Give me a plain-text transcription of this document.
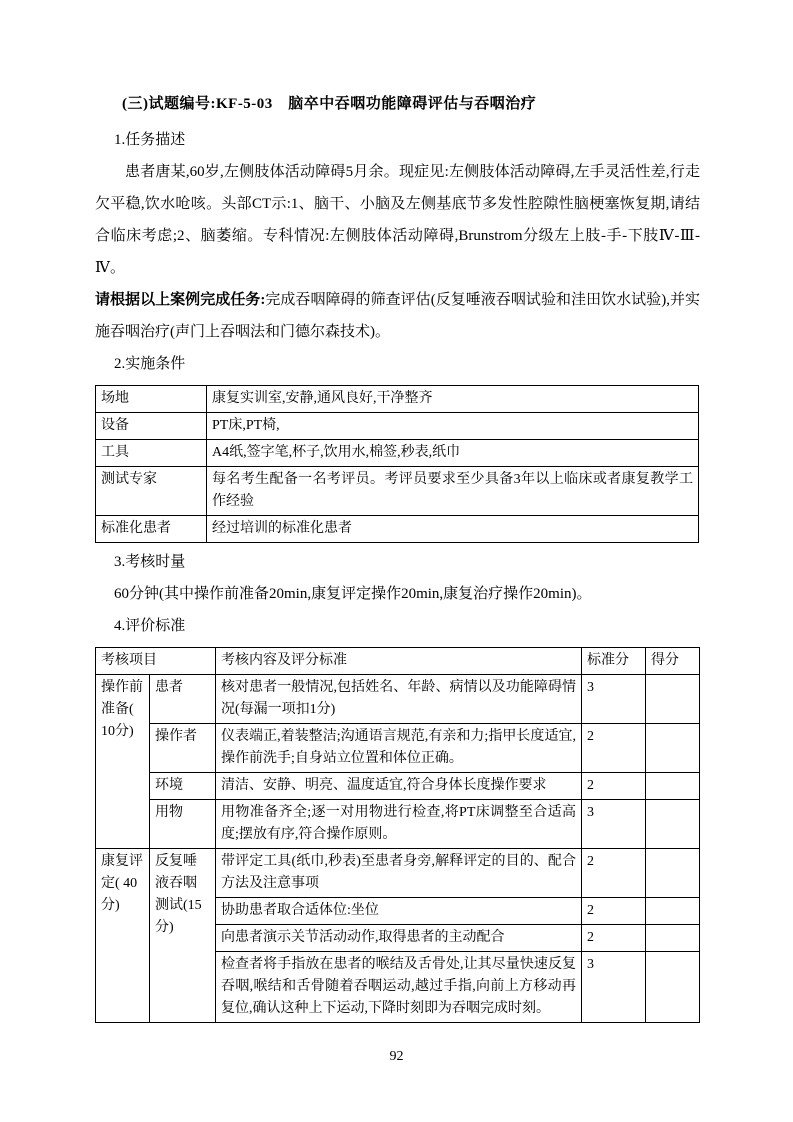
(三)试题编号:KF-5-03　脑卒中吞咽功能障碍评估与吞咽治疗
1.任务描述

患者唐某,60岁,左侧肢体活动障碍5月余。现症见:左侧肢体活动障碍,左手灵活性差,行走欠平稳,饮水呛咳。头部CT示:1、脑干、小脑及左侧基底节多发性腔隙性脑梗塞恢复期,请结合临床考虑;2、脑萎缩。专科情况:左侧肢体活动障碍,Brunstrom分级左上肢-手-下肢Ⅳ-Ⅲ-Ⅳ。

请根据以上案例完成任务:完成吞咽障碍的筛查评估(反复唾液吞咽试验和洼田饮水试验),并实施吞咽治疗(声门上吞咽法和门德尔森技术)。

2.实施条件
场地	康复实训室,安静,通风良好,干净整齐
设备	PT床,PT椅,
工具	A4纸,签字笔,杯子,饮用水,棉签,秒表,纸巾
测试专家	每名考生配备一名考评员。考评员要求至少具备3年以上临床或者康复教学工作经验
标准化患者	经过培训的标准化患者
3.考核时量

60分钟(其中操作前准备20min,康复评定操作20min,康复治疗操作20min)。

4.评价标准
考核项目		考核内容及评分标准	标准分	得分
操作前准备( 10分)	患者	核对患者一般情况,包括姓名、年龄、病情以及功能障碍情况(每漏一项扣1分)	3	
	操作者	仪表端正,着装整洁;沟通语言规范,有亲和力;指甲长度适宜,操作前洗手;自身站立位置和体位正确。	2	
	环境	清洁、安静、明亮、温度适宜,符合身体长度操作要求	2	
	用物	用物准备齐全;逐一对用物进行检查,将PT床调整至合适高度;摆放有序,符合操作原则。	3	
康复评定( 40分)	反复唾液吞咽测试(15分)	带评定工具(纸巾,秒表)至患者身旁,解释评定的目的、配合方法及注意事项	2	
		协助患者取合适体位:坐位	2	
		向患者演示关节活动动作,取得患者的主动配合	2	
		检查者将手指放在患者的喉结及舌骨处,让其尽量快速反复吞咽,喉结和舌骨随着吞咽运动,越过手指,向前上方移动再复位,确认这种上下运动,下降时刻即为吞咽完成时刻。	3	
92
